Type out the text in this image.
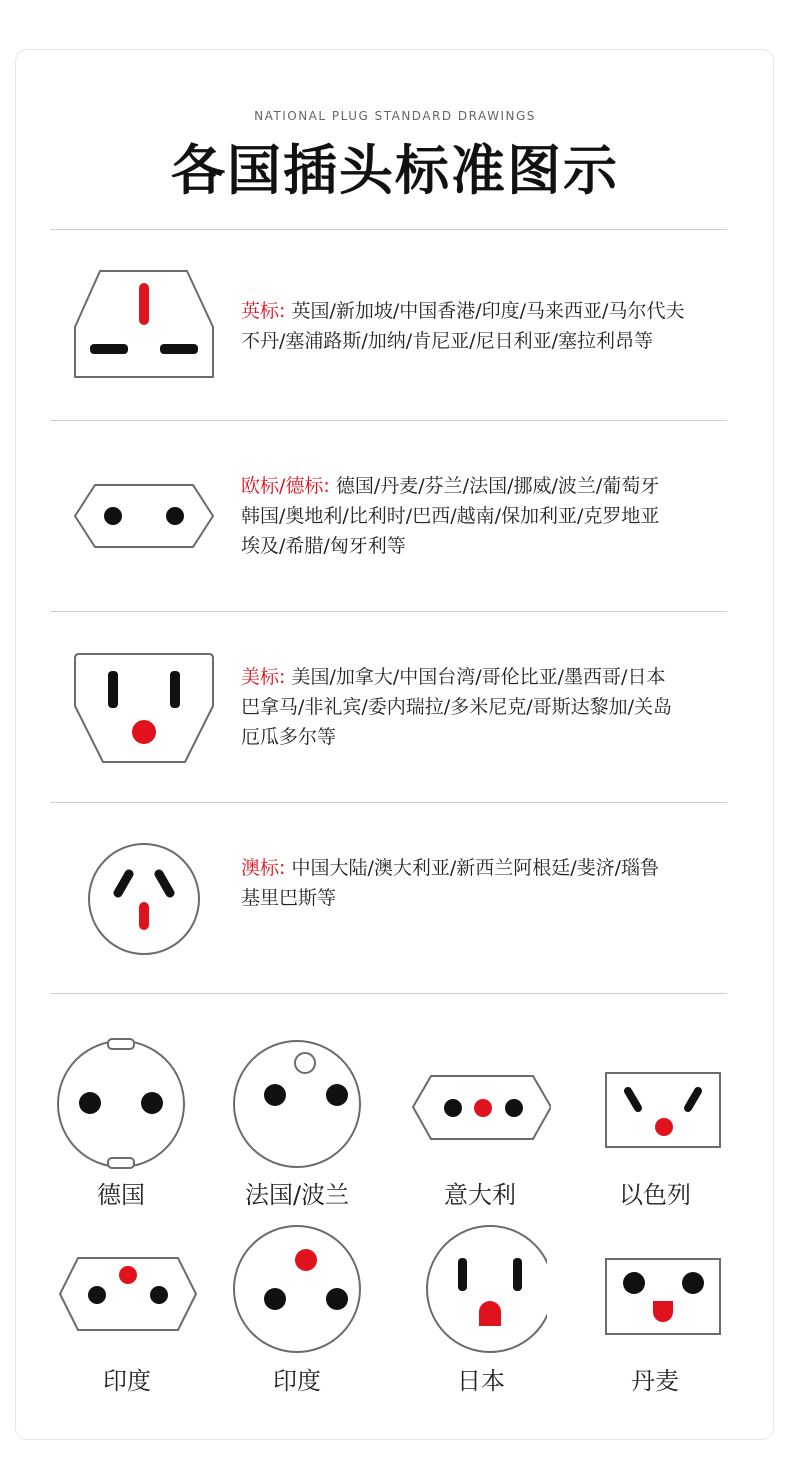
NATIONAL PLUG STANDARD DRAWINGS
各国插头标准图示
英标: 英国/新加坡/中国香港/印度/马来西亚/马尔代夫
不丹/塞浦路斯/加纳/肯尼亚/尼日利亚/塞拉利昂等
欧标/德标: 德国/丹麦/芬兰/法国/挪威/波兰/葡萄牙
韩国/奥地利/比利时/巴西/越南/保加利亚/克罗地亚
埃及/希腊/匈牙利等
美标: 美国/加拿大/中国台湾/哥伦比亚/墨西哥/日本
巴拿马/非礼宾/委内瑞拉/多米尼克/哥斯达黎加/关岛
厄瓜多尔等
澳标: 中国大陆/澳大利亚/新西兰阿根廷/斐济/瑙鲁
基里巴斯等
德国	法国/波兰	意大利	以色列
印度	印度	日本	丹麦
